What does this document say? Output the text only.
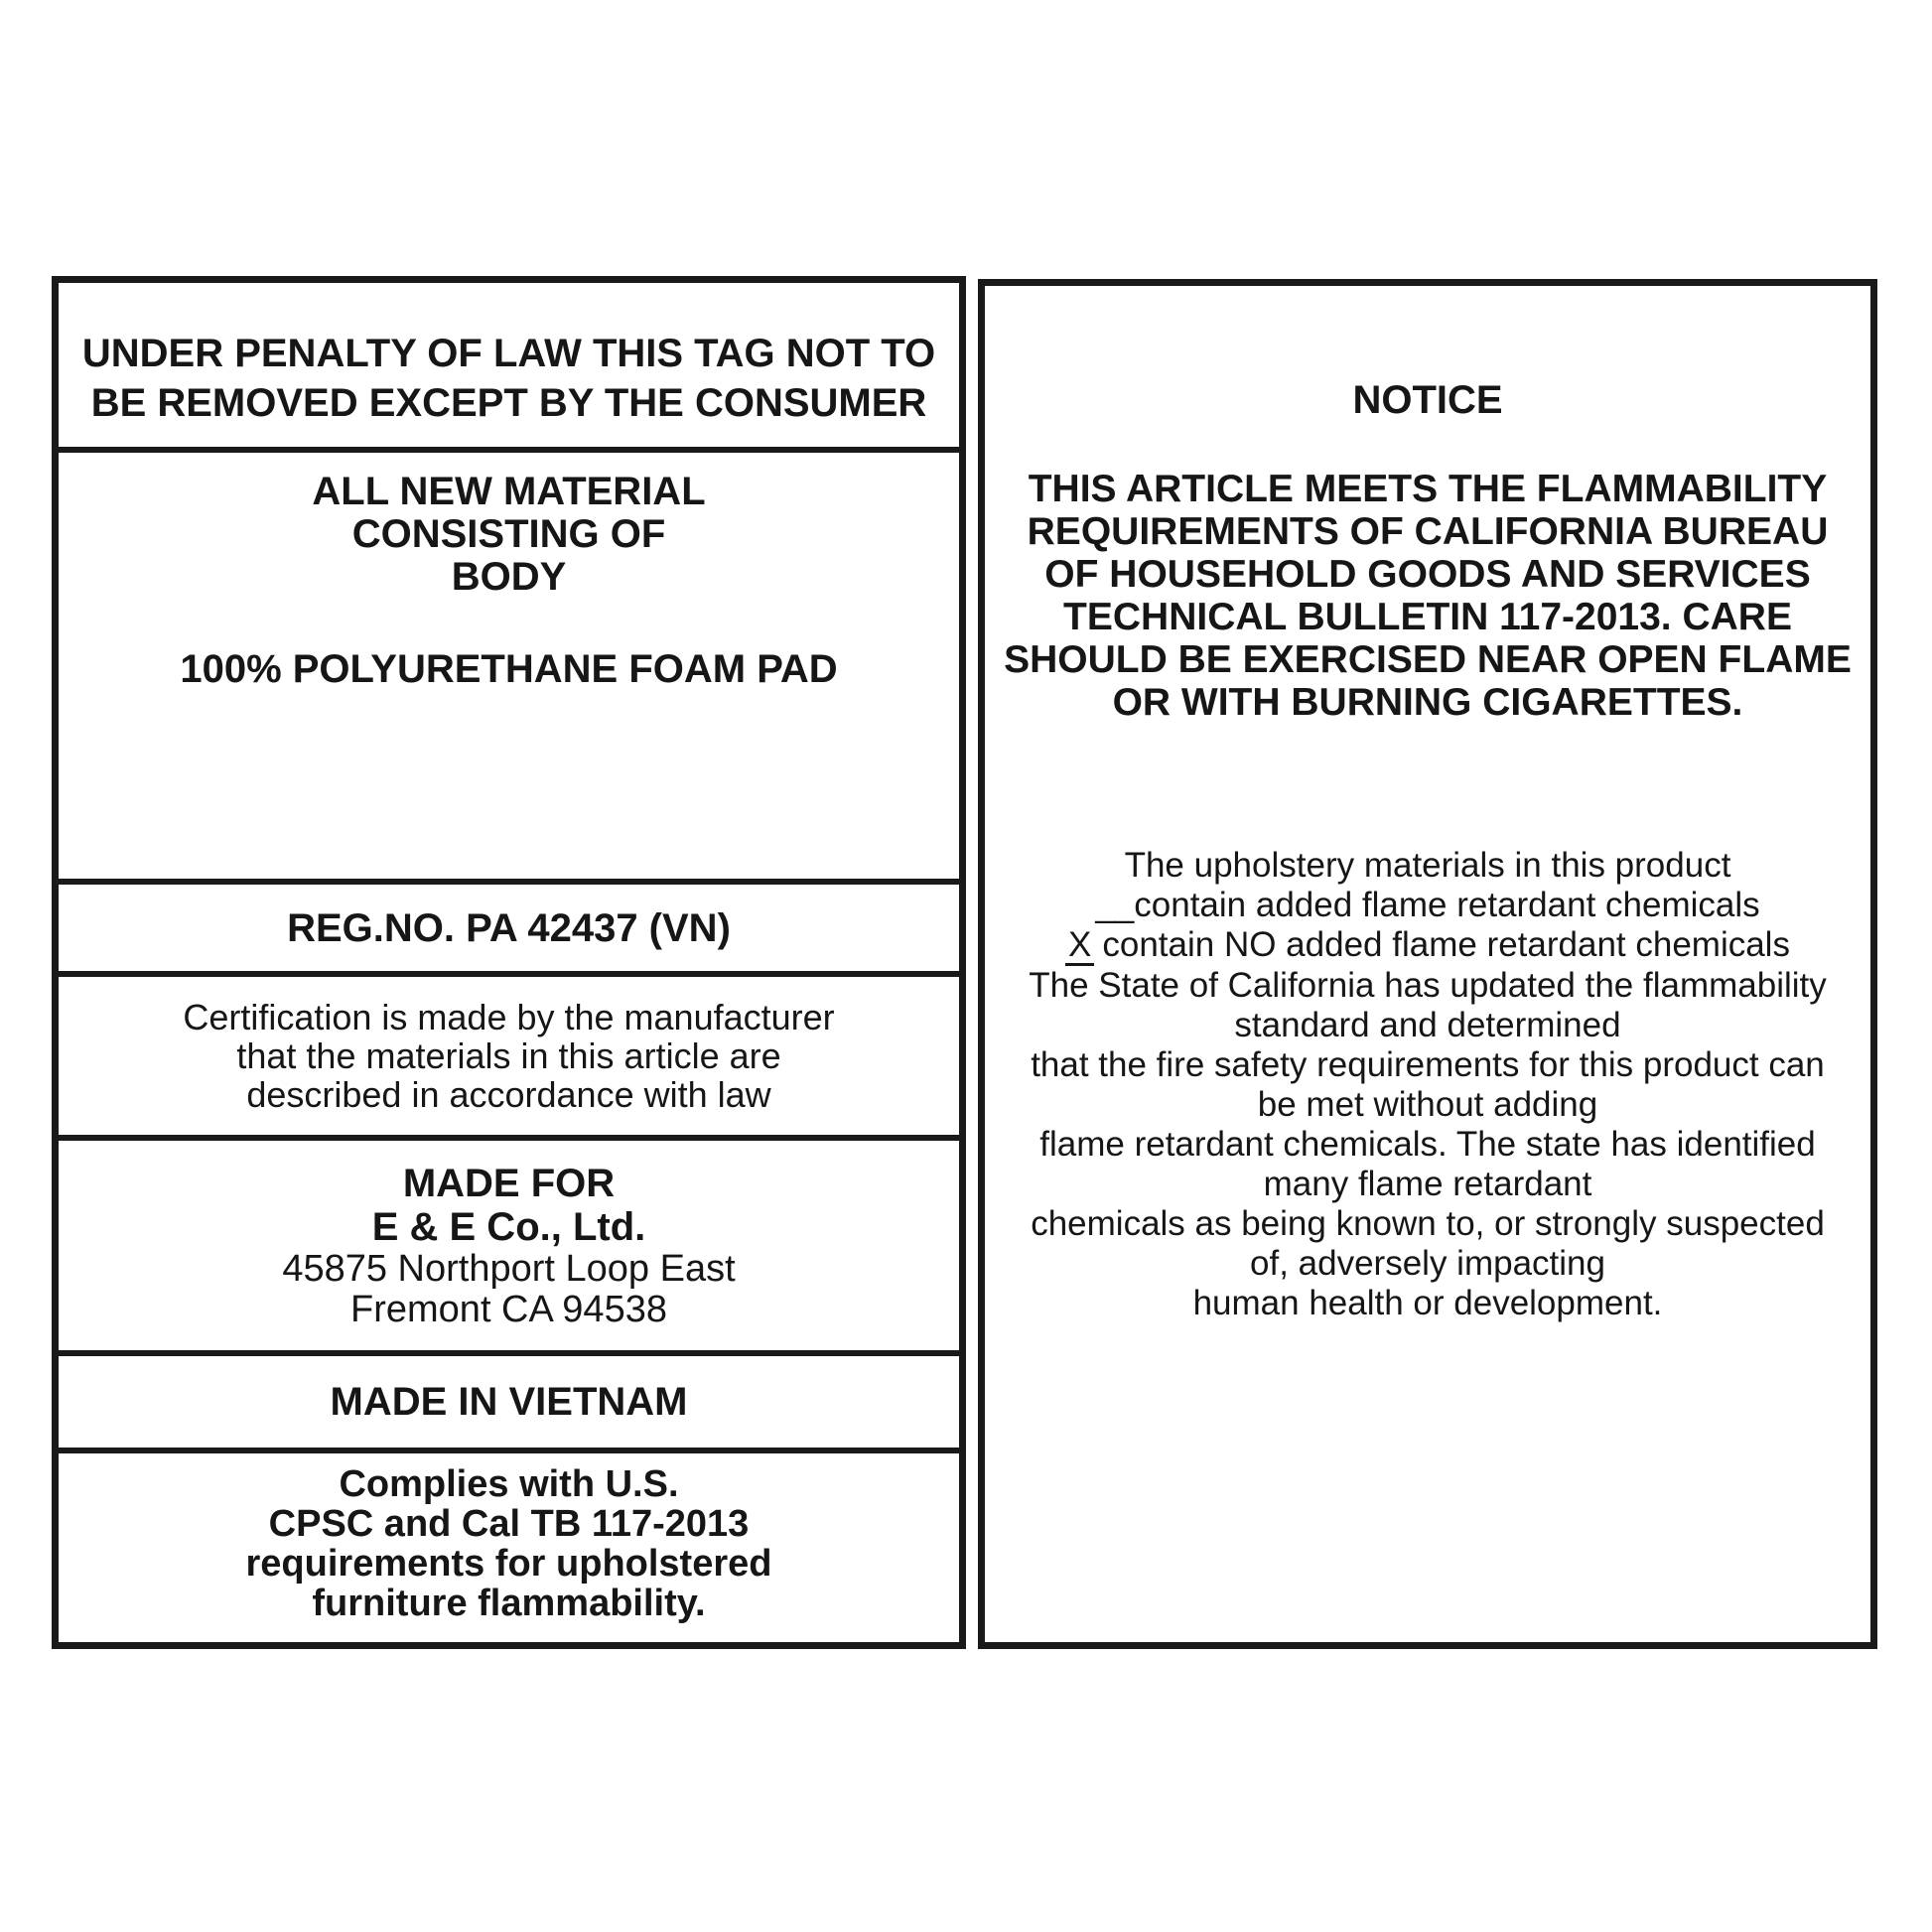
UNDER PENALTY OF LAW THIS TAG NOT TO
BE REMOVED EXCEPT BY THE CONSUMER
ALL NEW MATERIAL
CONSISTING OF
BODY
100% POLYURETHANE FOAM PAD
REG.NO. PA 42437 (VN)
Certification is made by the manufacturer
that the materials in this article are
described in accordance with law
MADE FOR
E & E Co., Ltd.
45875 Northport Loop East
Fremont CA 94538
MADE IN VIETNAM
Complies with U.S.
CPSC and Cal TB 117-2013
requirements for upholstered
furniture flammability.
NOTICE
THIS ARTICLE MEETS THE FLAMMABILITY
REQUIREMENTS OF CALIFORNIA BUREAU
OF HOUSEHOLD GOODS AND SERVICES
TECHNICAL BULLETIN 117-2013. CARE
SHOULD BE EXERCISED NEAR OPEN FLAME
OR WITH BURNING CIGARETTES.
The upholstery materials in this product
__contain added flame retardant chemicals
X contain NO added flame retardant chemicals
The State of California has updated the flammability
standard and determined
that the fire safety requirements for this product can
be met without adding
flame retardant chemicals. The state has identified
many flame retardant
chemicals as being known to, or strongly suspected
of, adversely impacting
human health or development.
